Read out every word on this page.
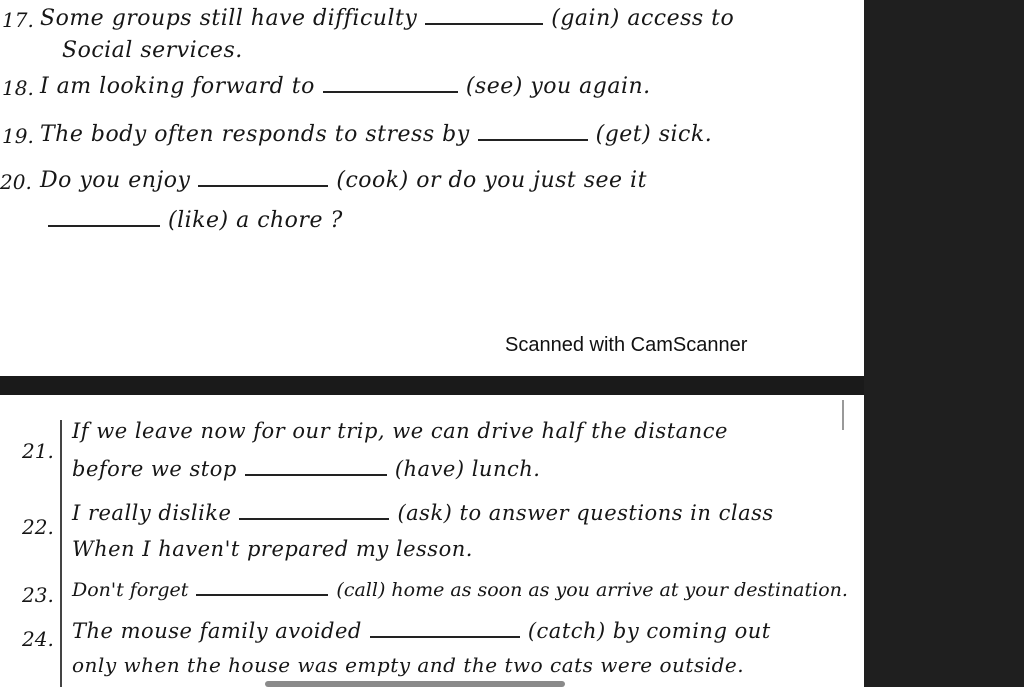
17. Some groups still have difficulty	(gain) access to
Social services.
18. I am looking forward to	(see) you again.
19. The body often responds to stress by	(get) sick.
20. Do you enjoy	(cook) or do you just see it
(like) a chore ?
Scanned with CamScanner
21.
If we leave now for our trip, we can drive half the distance
before we stop	(have) lunch.
22.
I really dislike	(ask) to answer questions in class
When I haven't prepared my lesson.
23. Don't forget	(call) home as soon as you arrive at your destination.
24. The mouse family avoided	(catch) by coming out
only when the house was empty and the two cats were outside.
